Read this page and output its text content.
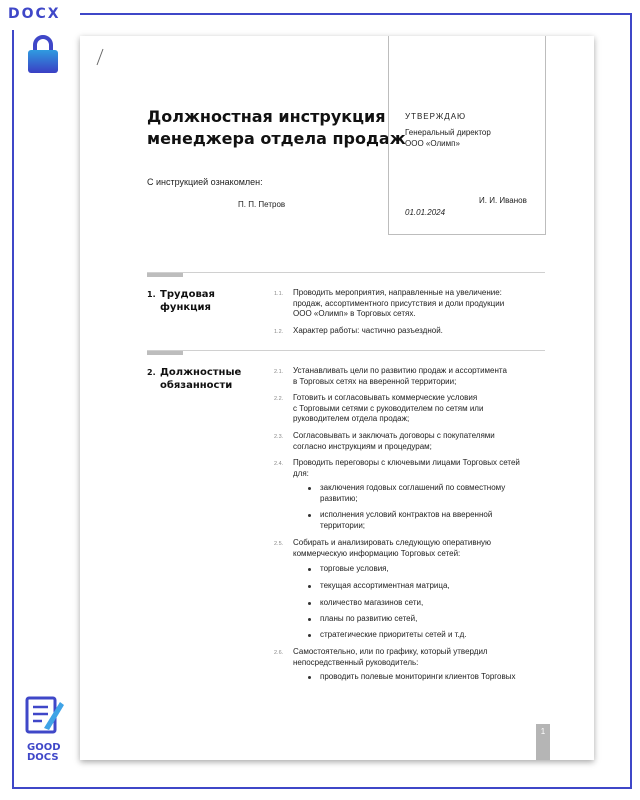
DOCX
GOOD
DOCS
Должностная инструкция
менеджера отдела продаж
С инструкцией ознакомлен:
П. П. Петров
УТВЕРЖДАЮ
Генеральный директор
ООО «Олимп»
И. И. Иванов
01.01.2024
1. Трудовая
функция
1.1. Проводить мероприятия, направленные на увеличение:
продаж, ассортиментного присутствия и доли продукции
ООО «Олимп» в Торговых сетях.
1.2. Характер работы: частично разъездной.
2. Должностные
обязанности
2.1. Устанавливать цели по развитию продаж и ассортимента
в Торговых сетях на вверенной территории;
2.2. Готовить и согласовывать коммерческие условия
с Торговыми сетями с руководителем по сетям или
руководителем отдела продаж;
2.3. Согласовывать и заключать договоры с покупателями
согласно инструкциям и процедурам;
2.4. Проводить переговоры с ключевыми лицами Торговых сетей
для:
заключения годовых соглашений по совместному
развитию;
исполнения условий контрактов на вверенной
территории;
2.5. Собирать и анализировать следующую оперативную
коммерческую информацию Торговых сетей:
торговые условия,
текущая ассортиментная матрица,
количество магазинов сети,
планы по развитию сетей,
стратегические приоритеты сетей и т.д.
2.6. Самостоятельно, или по графику, который утвердил
непосредственный руководитель:
проводить полевые мониторинги клиентов Торговых
1
